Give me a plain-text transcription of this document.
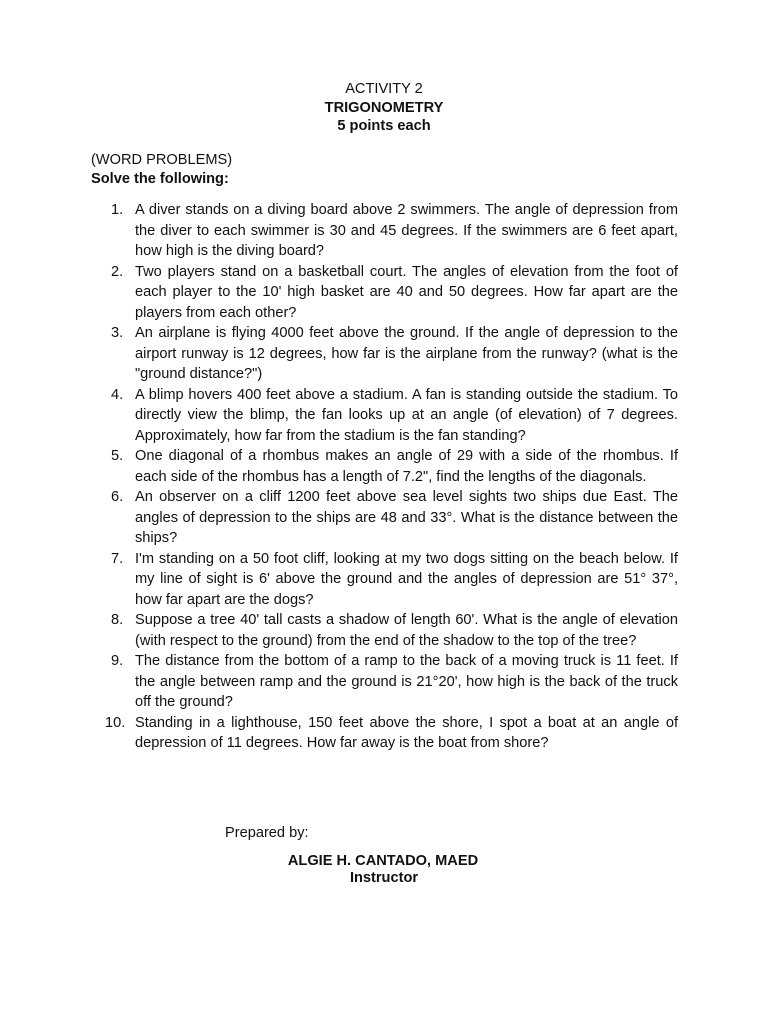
ACTIVITY 2
TRIGONOMETRY
5 points each
(WORD PROBLEMS)
Solve the following:
1. A diver stands on a diving board above 2 swimmers. The angle of depression from the diver to each swimmer is 30 and 45 degrees. If the swimmers are 6 feet apart, how high is the diving board?
2. Two players stand on a basketball court. The angles of elevation from the foot of each player to the 10' high basket are 40 and 50 degrees. How far apart are the players from each other?
3. An airplane is flying 4000 feet above the ground. If the angle of depression to the airport runway is 12 degrees, how far is the airplane from the runway? (what is the "ground distance?")
4. A blimp hovers 400 feet above a stadium. A fan is standing outside the stadium. To directly view the blimp, the fan looks up at an angle (of elevation) of 7 degrees. Approximately, how far from the stadium is the fan standing?
5. One diagonal of a rhombus makes an angle of 29 with a side of the rhombus. If each side of the rhombus has a length of 7.2", find the lengths of the diagonals.
6. An observer on a cliff 1200 feet above sea level sights two ships due East. The angles of depression to the ships are 48 and 33°. What is the distance between the ships?
7. I'm standing on a 50 foot cliff, looking at my two dogs sitting on the beach below. If my line of sight is 6' above the ground and the angles of depression are 51° 37°, how far apart are the dogs?
8. Suppose a tree 40' tall casts a shadow of length 60'. What is the angle of elevation (with respect to the ground) from the end of the shadow to the top of the tree?
9. The distance from the bottom of a ramp to the back of a moving truck is 11 feet. If the angle between ramp and the ground is 21°20', how high is the back of the truck off the ground?
10. Standing in a lighthouse, 150 feet above the shore, I spot a boat at an angle of depression of 11 degrees. How far away is the boat from shore?
Prepared by:
ALGIE H. CANTADO, MAED
Instructor
